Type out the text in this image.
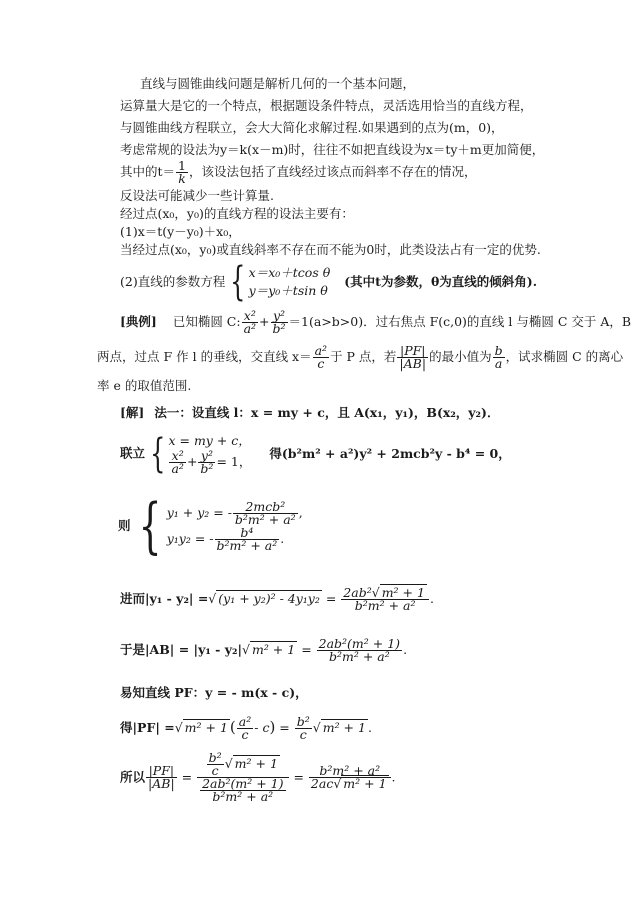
直线与圆锥曲线问题是解析几何的一个基本问题，
运算量大是它的一个特点，根据题设条件特点，灵活选用恰当的直线方程，
与圆锥曲线方程联立，会大大简化求解过程.如果遇到的点为(m，0)，
考虑常规的设法为y＝k(x－m)时，往往不如把直线设为x＝ty＋m更加简便，
其中的$t= \frac{1}{k}$ ，该设法包括了直线经过该点而斜率不存在的情况，
反设法可能减少一些计算量.
经过点(x₀，y₀)的直线方程的设法主要有：
(1)x＝t(y－y₀)＋x₀，
当经过点(x₀，y₀)或直线斜率不存在而不能为0时，此类设法占有一定的优势.
(2)直线的参数方程 { x＝x₀＋tcos θ
y＝y₀＋tsin θ
(其中t为参数，θ为直线的倾斜角).
[典例] 已知椭圆 C: $\frac{\text{x²}}{\text{a²}} + \frac{\text{y²}}{\text{b²}} =1(a>b>0)$．过右焦点 F(c,0)的直线 l 与椭圆 C 交于 A，B
两点，过点 F 作 l 的垂线，交直线 $x= \frac{\text{a²}}{c}$ 于 P 点，若 $\frac{|PF|}{|AB|}$ 的最小值为 $\frac{b}{a}$ ，试求椭圆 C 的离心
率 e 的取值范围.
[解] 法一：设直线 l：x = my + c，且 A(x₁，y₁)，B(x₂，y₂)．
联立 { x = my + c，
$\frac{\text{x²}}{\text{a²}} + \frac{\text{y²}}{\text{b²}} = 1$，
得(b²m² + a²)y² + 2mcb²y - b⁴ = 0，
则 { y₁ + y₂ = - $\frac{\text{2mcb²}}{\text{b²m² + a²}}$ ,
y₁y₂ = - $\frac{\text{b⁴}}{\text{b²m² + a²}}$ .
进而|y₁ - y₂| =√ $(y_1 + y_2)^2 - 4y_1y_2 = \frac{\text{2ab²√ m² + 1}}{\text{b²m² + a²}}$ .
于是|AB| = |y₁ - y₂|√ $m^2 + 1 = \frac{\text{2ab²(m² + 1)}}{\text{b²m² + a²}}$ .
易知直线 PF：y = - m(x - c)，
得|PF| =√ m² + 1 ( $\frac{\text{a²}}{c} - c) = \frac{\text{b²}}{c}$ √ m² + 1 .
所以 $\frac{|PF|}{|AB|} = \frac{\frac{\text{b²}}{c} √ m^2 + 1}{\frac{\text{2ab²(m² + 1)}}{\text{b²m² + a²}}} = \frac{\text{b²m² + a²}}{\text{2ac√ m² + 1}}$ .
